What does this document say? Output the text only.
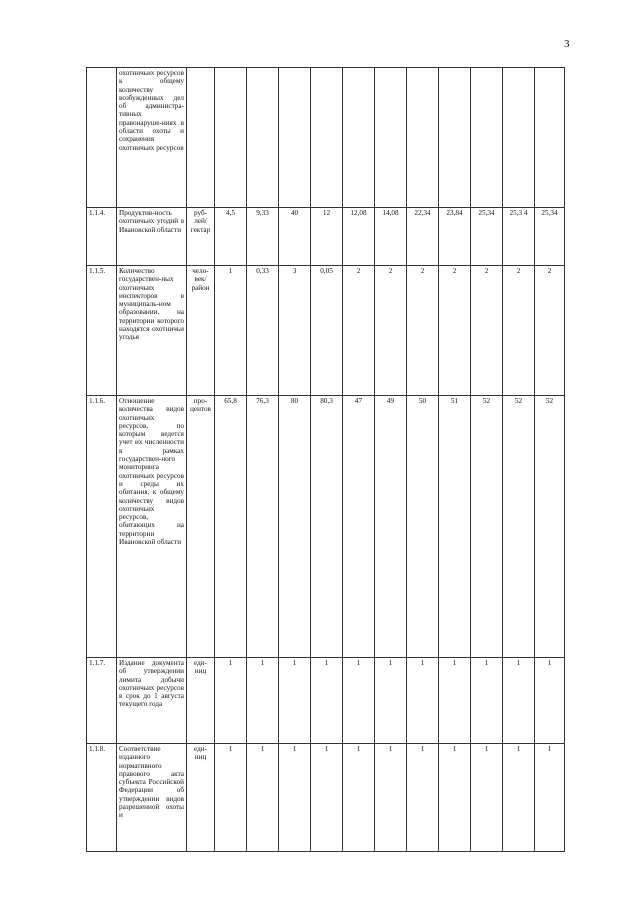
3
	охотничьих ресурсов к общему количеству возбужденных дел об администра-тивных правонаруше-ниях в области охоты и сохранения охотничьих ресурсов												
1.1.4.	Продуктив-ность охотничьих угодий в Ивановской области	руб-лей/ гектар	4,5	9,33	40	12	12,08	14,08	22,34	23,84	25,34	25,3 4	25,34
1.1.5.	Количество государствен-ных охотничьих инспекторов в муниципаль-ном образовании, на территории которого находятся охотничьи угодья	чело-век/ район	1	0,33	3	0,05	2	2	2	2	2	2	2
1.1.6.	Отношение количества видов охотничьих ресурсов, по которым ведется учет их численности в рамках государствен-ного мониторинга охотничьих ресурсов и среды их обитания, к общему количеству видов охотничьих ресурсов, обитающих на территории Ивановской области	про-центов	65,8	76,3	80	80,3	47	49	50	51	52	52	52
1.1.7.	Издание документа об утверждении лимита добычи охотничьих ресурсов в срок до 1 августа текущего года	еди-ниц	1	1	1	1	1	1	1	1	1	1	1
1.1.8.	Соответствие изданного нормативного правового акта субъекта Российской Федерации об утверждении видов разрешенной охоты и	еди-ниц	1	1	1	1	1	1	1	1	1	1	1
